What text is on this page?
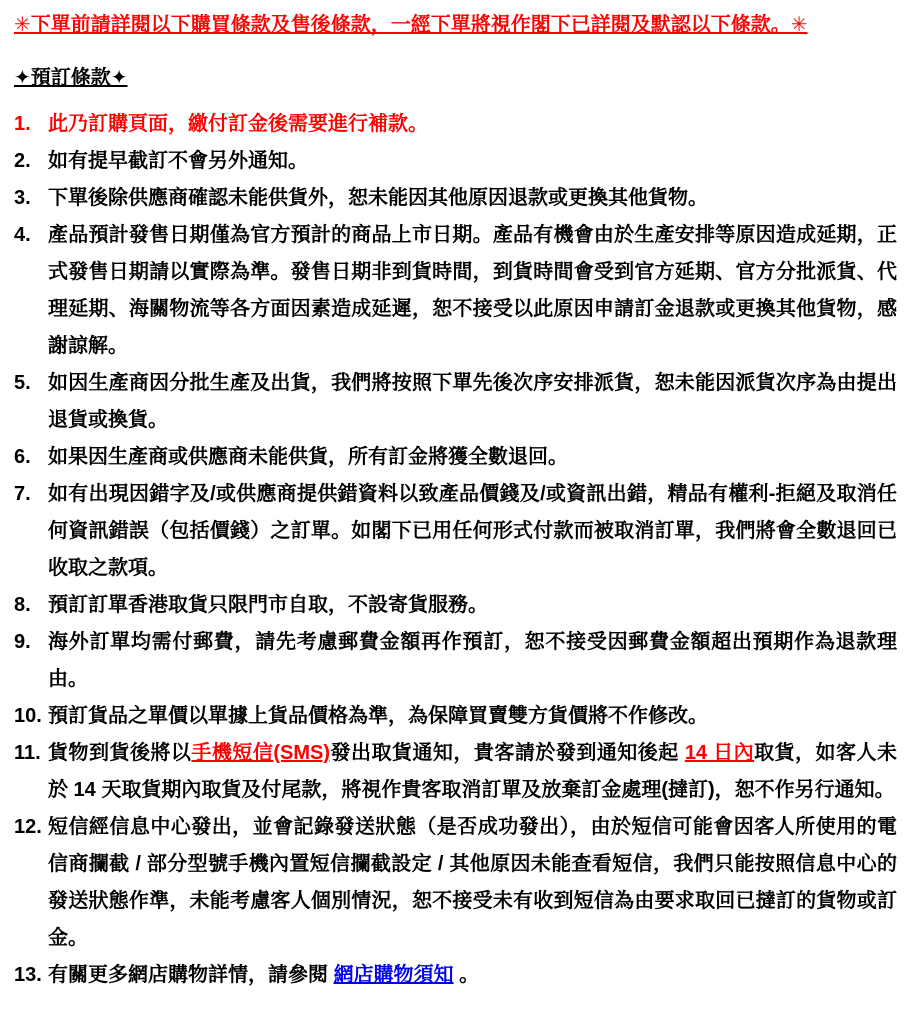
✳下單前請詳閱以下購買條款及售後條款，一經下單將視作閣下已詳閱及默認以下條款。✳

✦預訂條款✦

1. 此乃訂購頁面，繳付訂金後需要進行補款。
2. 如有提早截訂不會另外通知。
3. 下單後除供應商確認未能供貨外，恕未能因其他原因退款或更換其他貨物。
4. 產品預計發售日期僅為官方預計的商品上市日期。產品有機會由於生產安排等原因造成延期，正式發售日期請以實際為準。發售日期非到貨時間，到貨時間會受到官方延期、官方分批派貨、代理延期、海關物流等各方面因素造成延遲，恕不接受以此原因申請訂金退款或更換其他貨物，感謝諒解。
5. 如因生產商因分批生產及出貨，我們將按照下單先後次序安排派貨，恕未能因派貨次序為由提出退貨或換貨。
6. 如果因生產商或供應商未能供貨，所有訂金將獲全數退回。
7. 如有出現因錯字及/或供應商提供錯資料以致產品價錢及/或資訊出錯，精品有權利-拒絕及取消任何資訊錯誤（包括價錢）之訂單。如閣下已用任何形式付款而被取消訂單，我們將會全數退回已收取之款項。
8. 預訂訂單香港取貨只限門市自取，不設寄貨服務。
9. 海外訂單均需付郵費，請先考慮郵費金額再作預訂，恕不接受因郵費金額超出預期作為退款理由。
10. 預訂貨品之單價以單據上貨品價格為準，為保障買賣雙方貨價將不作修改。
11. 貨物到貨後將以手機短信(SMS)發出取貨通知，貴客請於發到通知後起 14 日內取貨，如客人未於 14 天取貨期內取貨及付尾款，將視作貴客取消訂單及放棄訂金處理(撻訂)，恕不作另行通知。
12. 短信經信息中心發出，並會記錄發送狀態（是否成功發出），由於短信可能會因客人所使用的電信商攔截 / 部分型號手機內置短信攔截設定 / 其他原因未能查看短信，我們只能按照信息中心的發送狀態作準，未能考慮客人個別情況，恕不接受未有收到短信為由要求取回已撻訂的貨物或訂金。
13. 有關更多網店購物詳情，請參閱 網店購物須知 。
